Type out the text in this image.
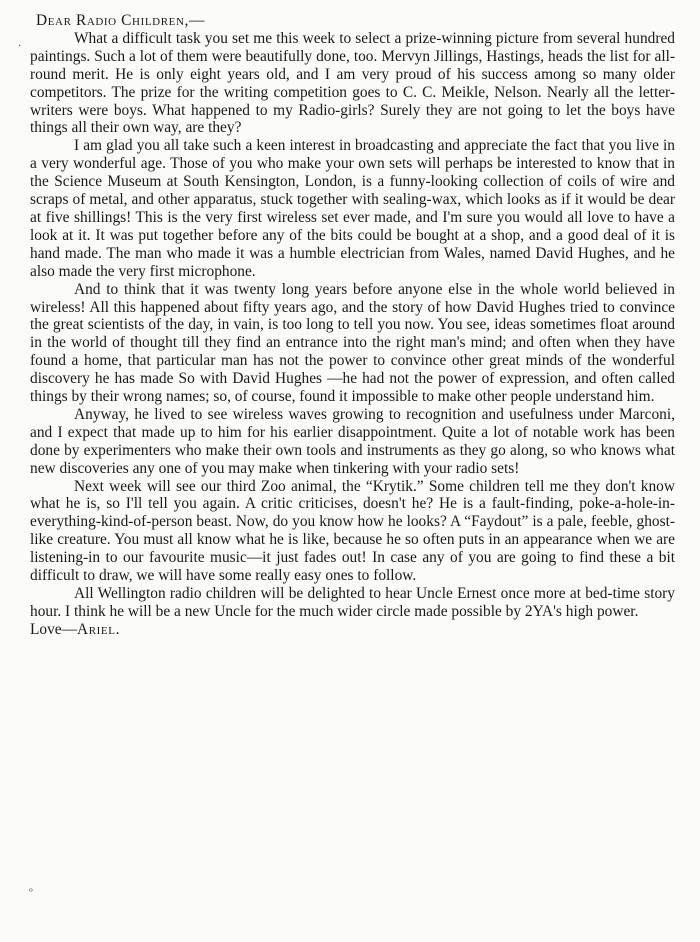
·
ᵒ

Dear Radio Children,—

What a difficult task you set me this week to select a prize-winning picture from several hundred paintings. Such a lot of them were beautifully done, too. Mervyn Jillings, Hastings, heads the list for all-round merit. He is only eight years old, and I am very proud of his success among so many older competitors. The prize for the writing competition goes to C. C. Meikle, Nelson. Nearly all the letter-writers were boys. What happened to my Radio-girls? Surely they are not going to let the boys have things all their own way, are they?

I am glad you all take such a keen interest in broadcasting and appreciate the fact that you live in a very wonderful age. Those of you who make your own sets will perhaps be interested to know that in the Science Museum at South Kensington, London, is a funny-looking collection of coils of wire and scraps of metal, and other apparatus, stuck together with sealing-wax, which looks as if it would be dear at five shillings! This is the very first wireless set ever made, and I'm sure you would all love to have a look at it. It was put together before any of the bits could be bought at a shop, and a good deal of it is hand made. The man who made it was a humble electrician from Wales, named David Hughes, and he also made the very first microphone.

And to think that it was twenty long years before anyone else in the whole world believed in wireless! All this happened about fifty years ago, and the story of how David Hughes tried to convince the great scientists of the day, in vain, is too long to tell you now. You see, ideas sometimes float around in the world of thought till they find an entrance into the right man's mind; and often when they have found a home, that particular man has not the power to convince other great minds of the wonderful discovery he has made So with David Hughes —he had not the power of expression, and often called things by their wrong names; so, of course, found it impossible to make other people understand him.

Anyway, he lived to see wireless waves growing to recognition and usefulness under Marconi, and I expect that made up to him for his earlier disappointment. Quite a lot of notable work has been done by experimenters who make their own tools and instruments as they go along, so who knows what new discoveries any one of you may make when tinkering with your radio sets!

Next week will see our third Zoo animal, the “Krytik.” Some children tell me they don't know what he is, so I'll tell you again. A critic criticises, doesn't he? He is a fault-finding, poke-a-hole-in-everything-kind-of-person beast. Now, do you know how he looks? A “Faydout” is a pale, feeble, ghost-like creature. You must all know what he is like, because he so often puts in an appearance when we are listening-in to our favourite music—it just fades out! In case any of you are going to find these a bit difficult to draw, we will have some really easy ones to follow.

All Wellington radio children will be delighted to hear Uncle Ernest once more at bed-time story hour. I think he will be a new Uncle for the much wider circle made possible by 2YA's high power.

Love—Ariel.
